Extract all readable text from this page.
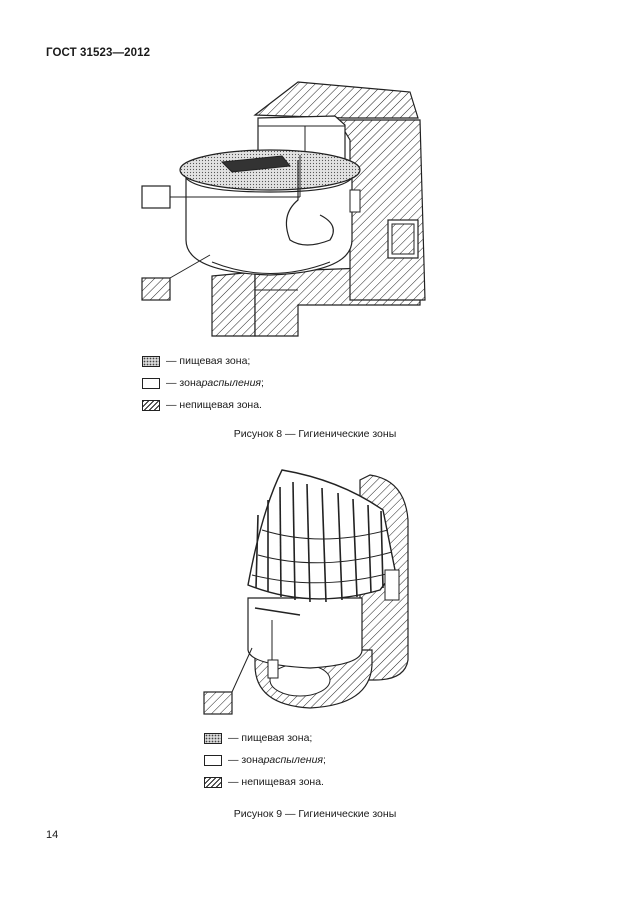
ГОСТ 31523—2012
— пищевая зона;
— зона распыления ;
— непищевая зона.
Рисунок 8 — Гигиенические зоны
— пищевая зона;
— зона распыления ;
— непищевая зона.
Рисунок 9 — Гигиенические зоны
14
